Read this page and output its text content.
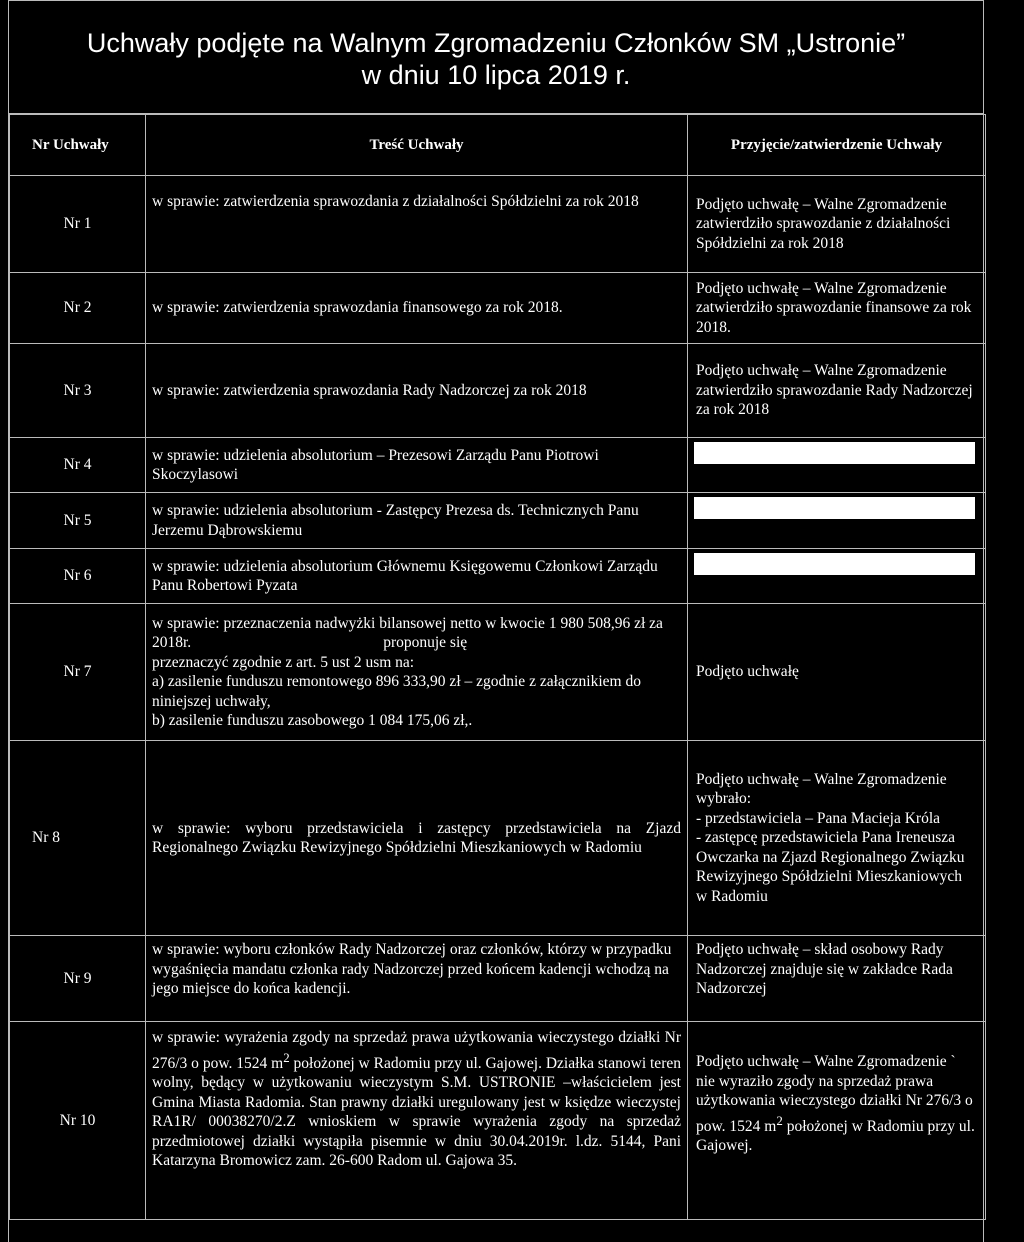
Uchwały podjęte na Walnym Zgromadzeniu Członków SM „Ustronie”
w dniu 10 lipca 2019 r.
Nr Uchwały	Treść Uchwały	Przyjęcie/zatwierdzenie Uchwały
Nr 1	w sprawie: zatwierdzenia sprawozdania z działalności Spółdzielni za rok 2018	Podjęto uchwałę – Walne Zgromadzenie zatwierdziło sprawozdanie z działalności Spółdzielni za rok 2018
Nr 2	w sprawie: zatwierdzenia sprawozdania finansowego za rok 2018.	Podjęto uchwałę – Walne Zgromadzenie zatwierdziło sprawozdanie finansowe za rok 2018.
Nr 3	w sprawie: zatwierdzenia sprawozdania Rady Nadzorczej za rok 2018	Podjęto uchwałę – Walne Zgromadzenie zatwierdziło sprawozdanie Rady Nadzorczej za rok 2018
Nr 4	w sprawie: udzielenia absolutorium – Prezesowi Zarządu Panu Piotrowi Skoczylasowi	

Nr 5	w sprawie: udzielenia absolutorium - Zastępcy Prezesa ds. Technicznych Panu Jerzemu Dąbrowskiemu	

Nr 6	w sprawie: udzielenia absolutorium Głównemu Księgowemu Członkowi Zarządu Panu Robertowi Pyzata	

Nr 7	w sprawie: przeznaczenia nadwyżki bilansowej netto w kwocie 1 980 508,96 zł za 2018r. proponuje się
przeznaczyć zgodnie z art. 5 ust 2 usm na:
a) zasilenie funduszu remontowego 896 333,90 zł – zgodnie z załącznikiem do niniejszej uchwały,
b) zasilenie funduszu zasobowego 1 084 175,06 zł,.	Podjęto uchwałę
Nr 8	w sprawie: wyboru przedstawiciela i zastępcy przedstawiciela na Zjazd Regionalnego Związku Rewizyjnego Spółdzielni Mieszkaniowych w Radomiu	Podjęto uchwałę – Walne Zgromadzenie wybrało:
- przedstawiciela – Pana Macieja Króla
- zastępcę przedstawiciela Pana Ireneusza Owczarka na Zjazd Regionalnego Związku Rewizyjnego Spółdzielni Mieszkaniowych w Radomiu
Nr 9	w sprawie: wyboru członków Rady Nadzorczej oraz członków, którzy w przypadku wygaśnięcia mandatu członka rady Nadzorczej przed końcem kadencji wchodzą na jego miejsce do końca kadencji.	Podjęto uchwałę – skład osobowy Rady Nadzorczej znajduje się w zakładce Rada Nadzorczej
Nr 10	w sprawie: wyrażenia zgody na sprzedaż prawa użytkowania wieczystego działki Nr 276/3 o pow. 1524 $m^2$ położonej w Radomiu przy ul. Gajowej. Działka stanowi teren wolny, będący w użytkowaniu wieczystym S.M. USTRONIE –właścicielem jest Gmina Miasta Radomia. Stan prawny działki uregulowany jest w księdze wieczystej RA1R/ 00038270/2.Z wnioskiem w sprawie wyrażenia zgody na sprzedaż przedmiotowej działki wystąpiła pisemnie w dniu 30.04.2019r. l.dz. 5144, Pani Katarzyna Bromowicz zam. 26-600 Radom ul. Gajowa 35.	Podjęto uchwałę – Walne Zgromadzenie ` nie wyraziło zgody na sprzedaż prawa użytkowania wieczystego działki Nr 276/3 o pow. 1524 $m^2$ położonej w Radomiu przy ul. Gajowej.
